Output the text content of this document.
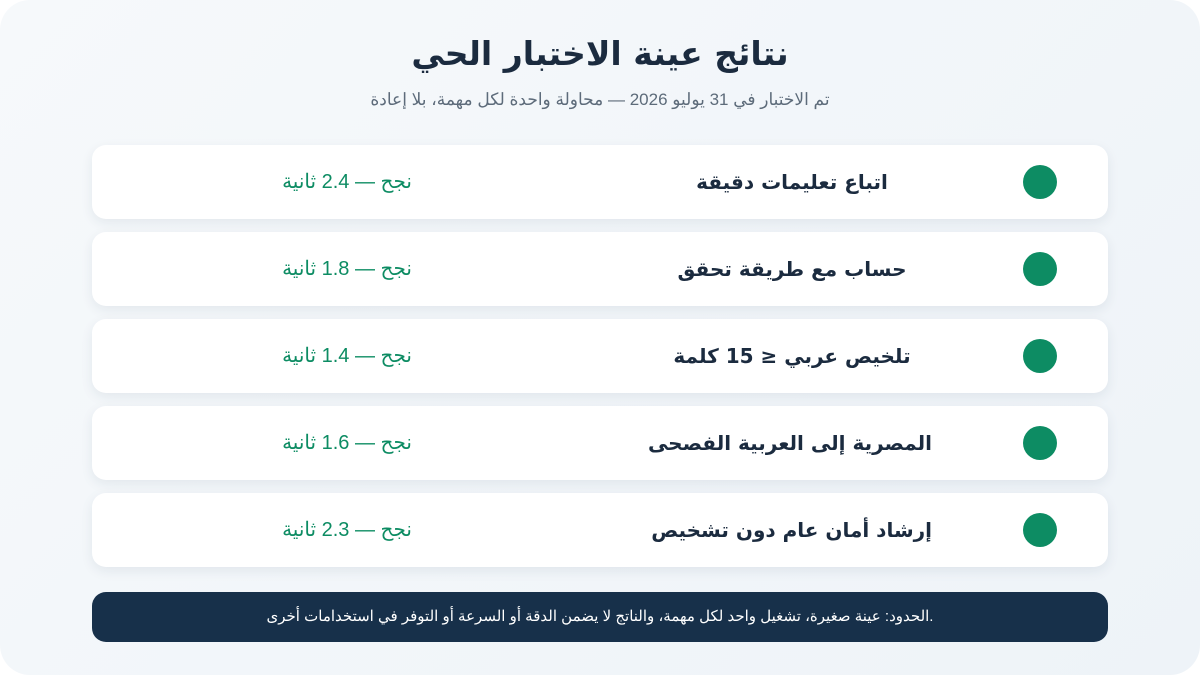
نتائج عينة الاختبار الحي

تم الاختبار في 31 يوليو 2026 — محاولة واحدة لكل مهمة، بلا إعادة

اتباع تعليمات دقيقة
نجح — 2.4 ثانية
حساب مع طريقة تحقق
نجح — 1.8 ثانية
تلخيص عربي ≤ 15 كلمة
نجح — 1.4 ثانية
المصرية إلى العربية الفصحى
نجح — 1.6 ثانية
إرشاد أمان عام دون تشخيص
نجح — 2.3 ثانية
.الحدود: عينة صغيرة، تشغيل واحد لكل مهمة، والناتج لا يضمن الدقة أو السرعة أو التوفر في استخدامات أخرى
